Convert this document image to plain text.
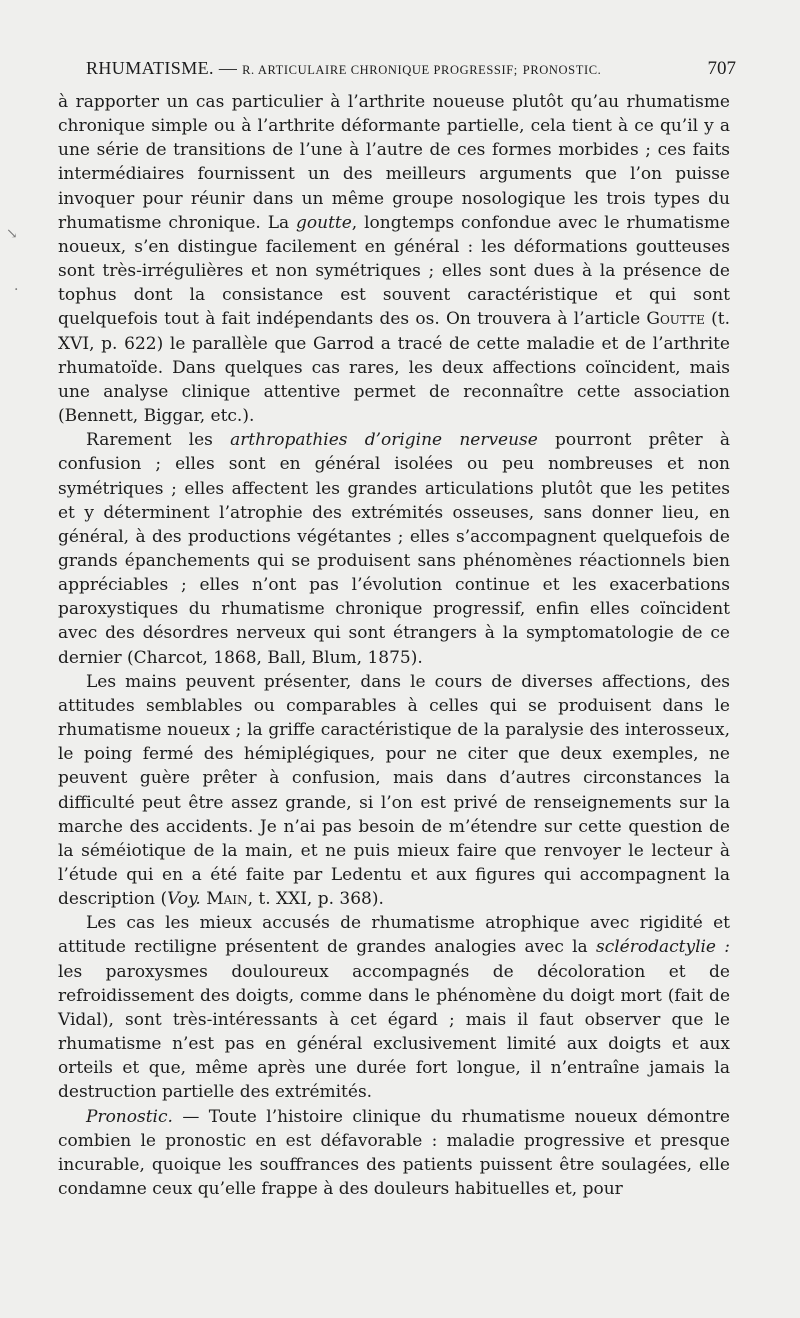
RHUMATISME. — R. ARTICULAIRE CHRONIQUE PROGRESSIF; PRONOSTIC.	707
↘
·

à rapporter un cas particulier à l’arthrite noueuse plutôt qu’au rhumatisme chronique simple ou à l’arthrite déformante partielle, cela tient à ce qu’il y a une série de transitions de l’une à l’autre de ces formes morbides ; ces faits intermédiaires fournissent un des meilleurs arguments que l’on puisse invoquer pour réunir dans un même groupe nosologique les trois types du rhumatisme chronique. La goutte, longtemps confondue avec le rhumatisme noueux, s’en distingue facilement en général : les déformations goutteuses sont très-irrégulières et non symétriques ; elles sont dues à la présence de tophus dont la consistance est souvent caractéristique et qui sont quelquefois tout à fait indépendants des os. On trouvera à l’article Goutte (t. XVI, p. 622) le parallèle que Garrod a tracé de cette maladie et de l’arthrite rhumatoïde. Dans quelques cas rares, les deux affections coïncident, mais une analyse clinique attentive permet de reconnaître cette association (Bennett, Biggar, etc.).

Rarement les arthropathies d’origine nerveuse pourront prêter à confusion ; elles sont en général isolées ou peu nombreuses et non symétriques ; elles affectent les grandes articulations plutôt que les petites et y déterminent l’atrophie des extrémités osseuses, sans donner lieu, en général, à des productions végétantes ; elles s’accompagnent quelquefois de grands épanchements qui se produisent sans phénomènes réactionnels bien appréciables ; elles n’ont pas l’évolution continue et les exacerbations paroxystiques du rhumatisme chronique progressif, enfin elles coïncident avec des désordres nerveux qui sont étrangers à la symptomatologie de ce dernier (Charcot, 1868, Ball, Blum, 1875).

Les mains peuvent présenter, dans le cours de diverses affections, des attitudes semblables ou comparables à celles qui se produisent dans le rhumatisme noueux ; la griffe caractéristique de la paralysie des interosseux, le poing fermé des hémiplégiques, pour ne citer que deux exemples, ne peuvent guère prêter à confusion, mais dans d’autres circonstances la difficulté peut être assez grande, si l’on est privé de renseignements sur la marche des accidents. Je n’ai pas besoin de m’étendre sur cette question de la séméiotique de la main, et ne puis mieux faire que renvoyer le lecteur à l’étude qui en a été faite par Ledentu et aux figures qui accompagnent la description (Voy. Main, t. XXI, p. 368).

Les cas les mieux accusés de rhumatisme atrophique avec rigidité et attitude rectiligne présentent de grandes analogies avec la sclérodactylie : les paroxysmes douloureux accompagnés de décoloration et de refroidissement des doigts, comme dans le phénomène du doigt mort (fait de Vidal), sont très-intéressants à cet égard ; mais il faut observer que le rhumatisme n’est pas en général exclusivement limité aux doigts et aux orteils et que, même après une durée fort longue, il n’entraîne jamais la destruction partielle des extrémités.

Pronostic. — Toute l’histoire clinique du rhumatisme noueux démontre combien le pronostic en est défavorable : maladie progressive et presque incurable, quoique les souffrances des patients puissent être soulagées, elle condamne ceux qu’elle frappe à des douleurs habituelles et, pour
